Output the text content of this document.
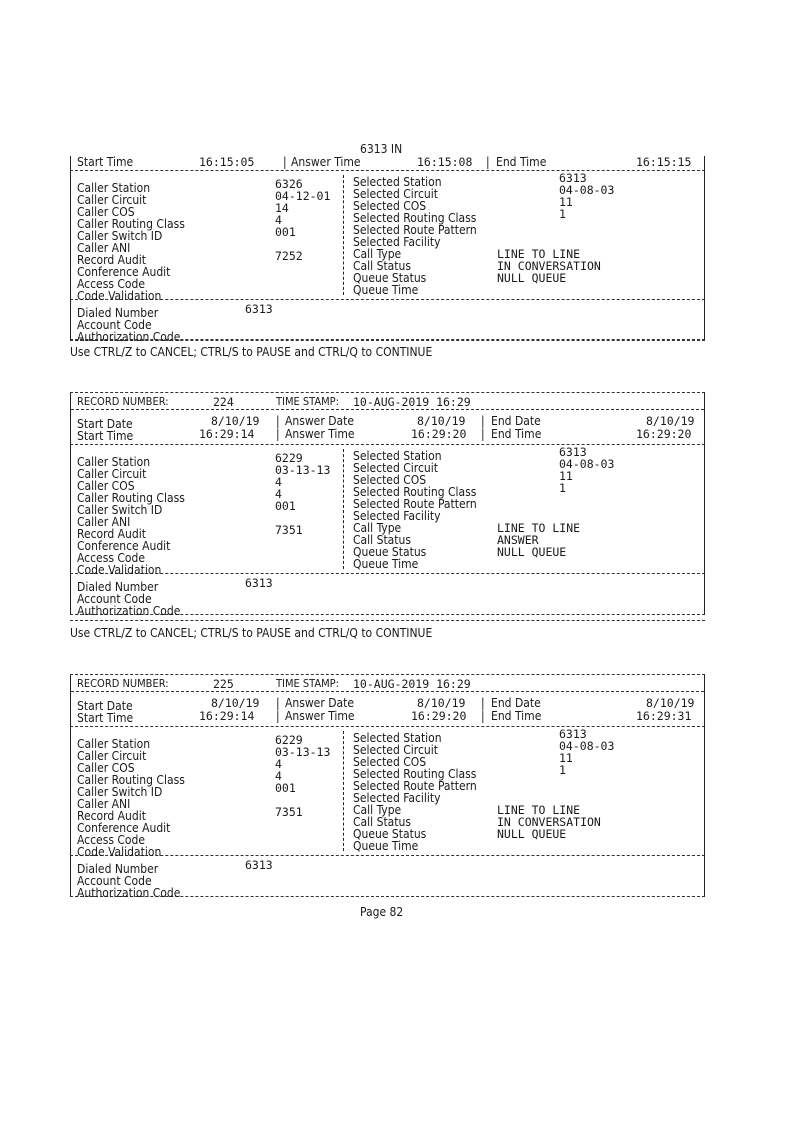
6313 IN
Start Time	16:15:05 | Answer Time	16:15:08 | End Time	16:15:15
Caller Station	6326
Caller Circuit	04-12-01
Caller COS	14
Caller Routing Class	4
Caller Switch ID	001
Caller ANI
Record Audit	7252
Conference Audit
Access Code
Code Validation
Selected Station	6313
Selected Circuit	04-08-03
Selected COS	11
Selected Routing Class	1
Selected Route Pattern
Selected Facility
Call Type	LINE TO LINE
Call Status	IN CONVERSATION
Queue Status	NULL QUEUE
Queue Time
Dialed Number	6313
Account Code
Authorization Code
Use CTRL/Z to CANCEL; CTRL/S to PAUSE and CTRL/Q to CONTINUE
RECORD NUMBER:	224	TIME STAMP: 10-AUG-2019 16:29
Start Date	8/10/19 | Answer Date	8/10/19 | End Date	8/10/19
Start Time	16:29:14 | Answer Time	16:29:20 | End Time	16:29:20
Caller Station	6229
Caller Circuit	03-13-13
Caller COS	4
Caller Routing Class	4
Caller Switch ID	001
Caller ANI
Record Audit	7351
Conference Audit
Access Code
Code Validation
Selected Station	6313
Selected Circuit	04-08-03
Selected COS	11
Selected Routing Class	1
Selected Route Pattern
Selected Facility
Call Type	LINE TO LINE
Call Status	ANSWER
Queue Status	NULL QUEUE
Queue Time
Dialed Number	6313
Account Code
Authorization Code
Use CTRL/Z to CANCEL; CTRL/S to PAUSE and CTRL/Q to CONTINUE
RECORD NUMBER:	225	TIME STAMP: 10-AUG-2019 16:29
Start Date	8/10/19 | Answer Date	8/10/19 | End Date	8/10/19
Start Time	16:29:14 | Answer Time	16:29:20 | End Time	16:29:31
Caller Station	6229
Caller Circuit	03-13-13
Caller COS	4
Caller Routing Class	4
Caller Switch ID	001
Caller ANI
Record Audit	7351
Conference Audit
Access Code
Code Validation
Selected Station	6313
Selected Circuit	04-08-03
Selected COS	11
Selected Routing Class	1
Selected Route Pattern
Selected Facility
Call Type	LINE TO LINE
Call Status	IN CONVERSATION
Queue Status	NULL QUEUE
Queue Time
Dialed Number	6313
Account Code
Authorization Code
Page 82
